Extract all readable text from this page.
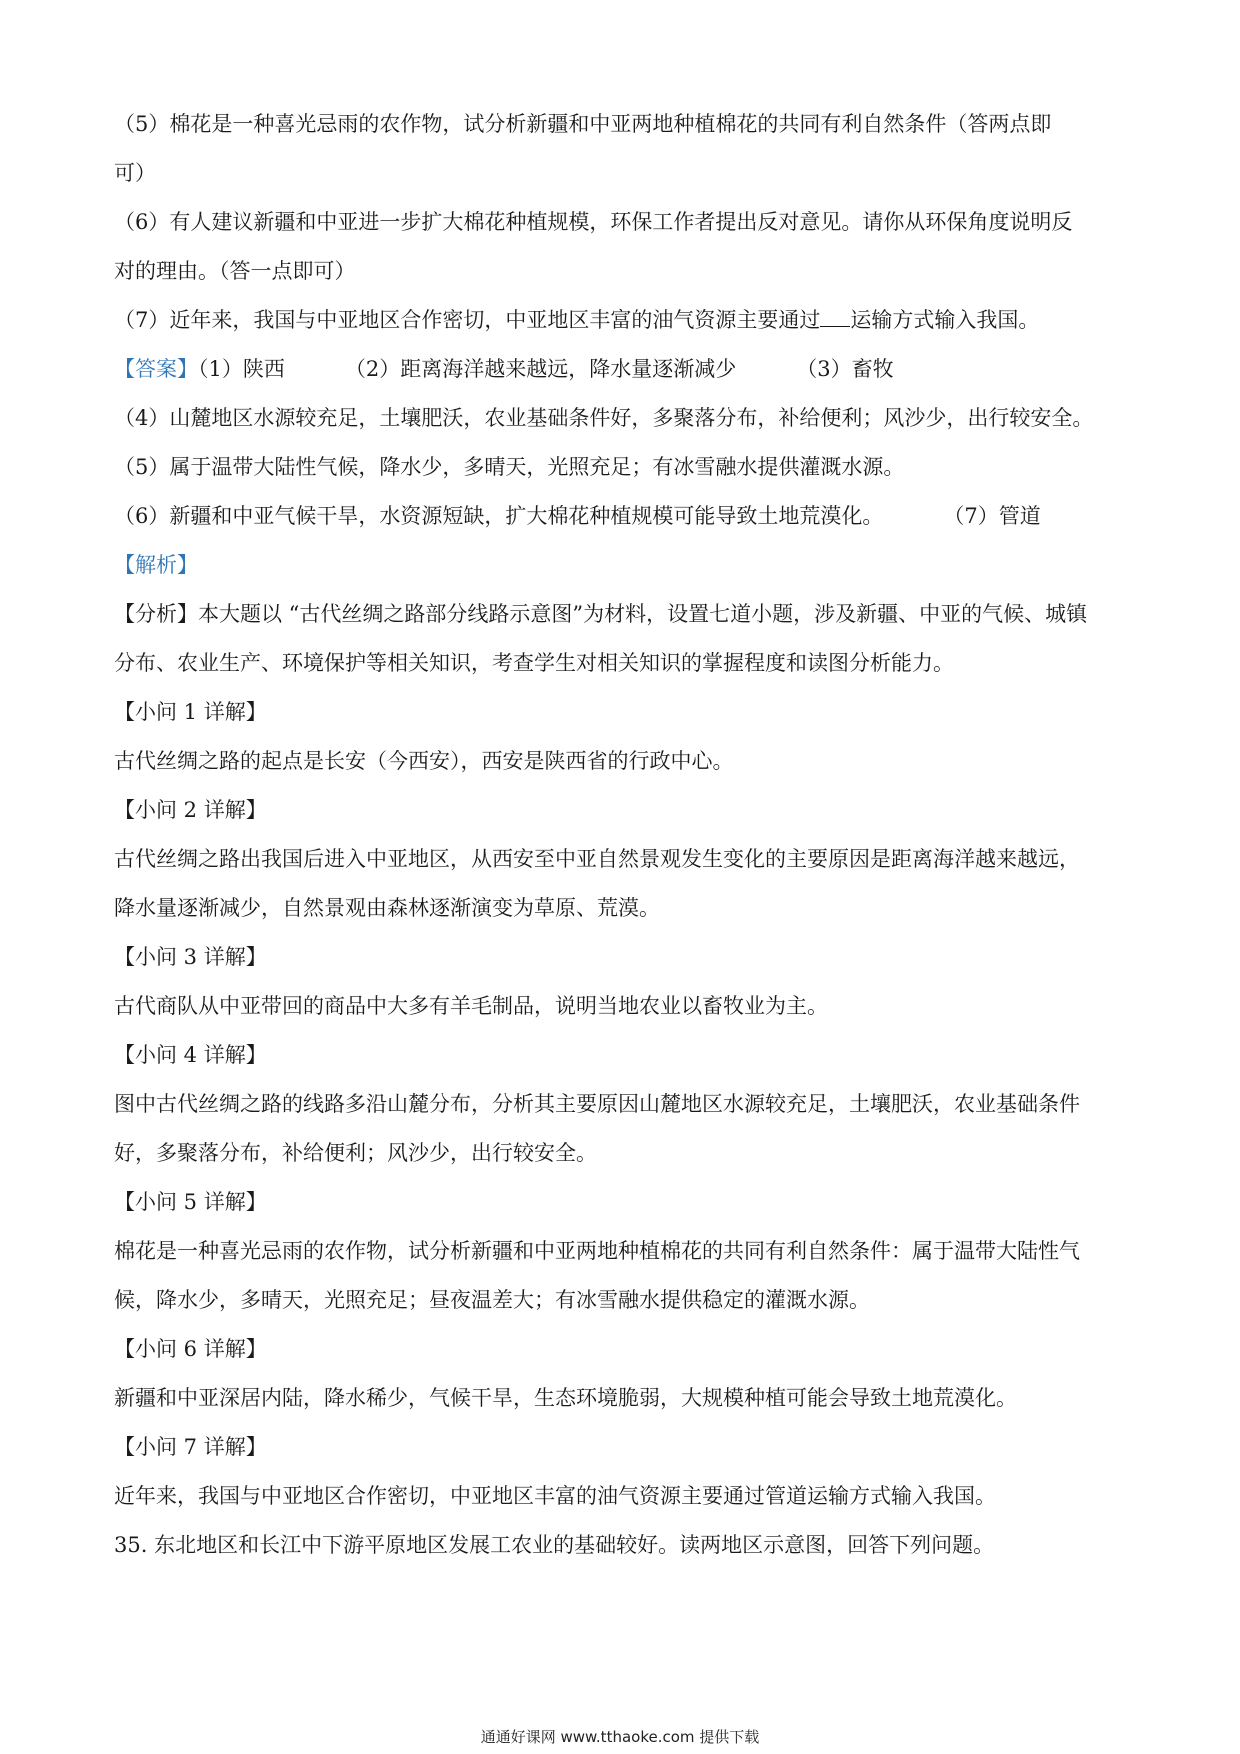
（5）棉花是一种喜光忌雨的农作物，试分析新疆和中亚两地种植棉花的共同有利自然条件（答两点即

可）

（6）有人建议新疆和中亚进一步扩大棉花种植规模，环保工作者提出反对意见。请你从环保角度说明反

对的理由。（答一点即可）

（7）近年来，我国与中亚地区合作密切，中亚地区丰富的油气资源主要通过 运输方式输入我国。

【答案】（1）陕西	（2）距离海洋越来越远，降水量逐渐减少	（3）畜牧

（4）山麓地区水源较充足，土壤肥沃，农业基础条件好，多聚落分布，补给便利；风沙少，出行较安全。

（5）属于温带大陆性气候，降水少，多晴天，光照充足；有冰雪融水提供灌溉水源。

（6）新疆和中亚气候干旱，水资源短缺，扩大棉花种植规模可能导致土地荒漠化。	（7）管道

【解析】

【分析】本大题以 “古代丝绸之路部分线路示意图”为材料，设置七道小题，涉及新疆、中亚的气候、城镇

分布、农业生产、环境保护等相关知识，考查学生对相关知识的掌握程度和读图分析能力。

【小问 1 详解】

古代丝绸之路的起点是长安（今西安），西安是陕西省的行政中心。

【小问 2 详解】

古代丝绸之路出我国后进入中亚地区，从西安至中亚自然景观发生变化的主要原因是距离海洋越来越远，

降水量逐渐减少，自然景观由森林逐渐演变为草原、荒漠。

【小问 3 详解】

古代商队从中亚带回的商品中大多有羊毛制品，说明当地农业以畜牧业为主。

【小问 4 详解】

图中古代丝绸之路的线路多沿山麓分布，分析其主要原因山麓地区水源较充足，土壤肥沃，农业基础条件

好，多聚落分布，补给便利；风沙少，出行较安全。

【小问 5 详解】

棉花是一种喜光忌雨的农作物，试分析新疆和中亚两地种植棉花的共同有利自然条件：属于温带大陆性气

候，降水少，多晴天，光照充足；昼夜温差大；有冰雪融水提供稳定的灌溉水源。

【小问 6 详解】

新疆和中亚深居内陆，降水稀少，气候干旱，生态环境脆弱，大规模种植可能会导致土地荒漠化。

【小问 7 详解】

近年来，我国与中亚地区合作密切，中亚地区丰富的油气资源主要通过管道运输方式输入我国。

35. 东北地区和长江中下游平原地区发展工农业的基础较好。读两地区示意图，回答下列问题。

通通好课网 www.tthaoke.com 提供下载
